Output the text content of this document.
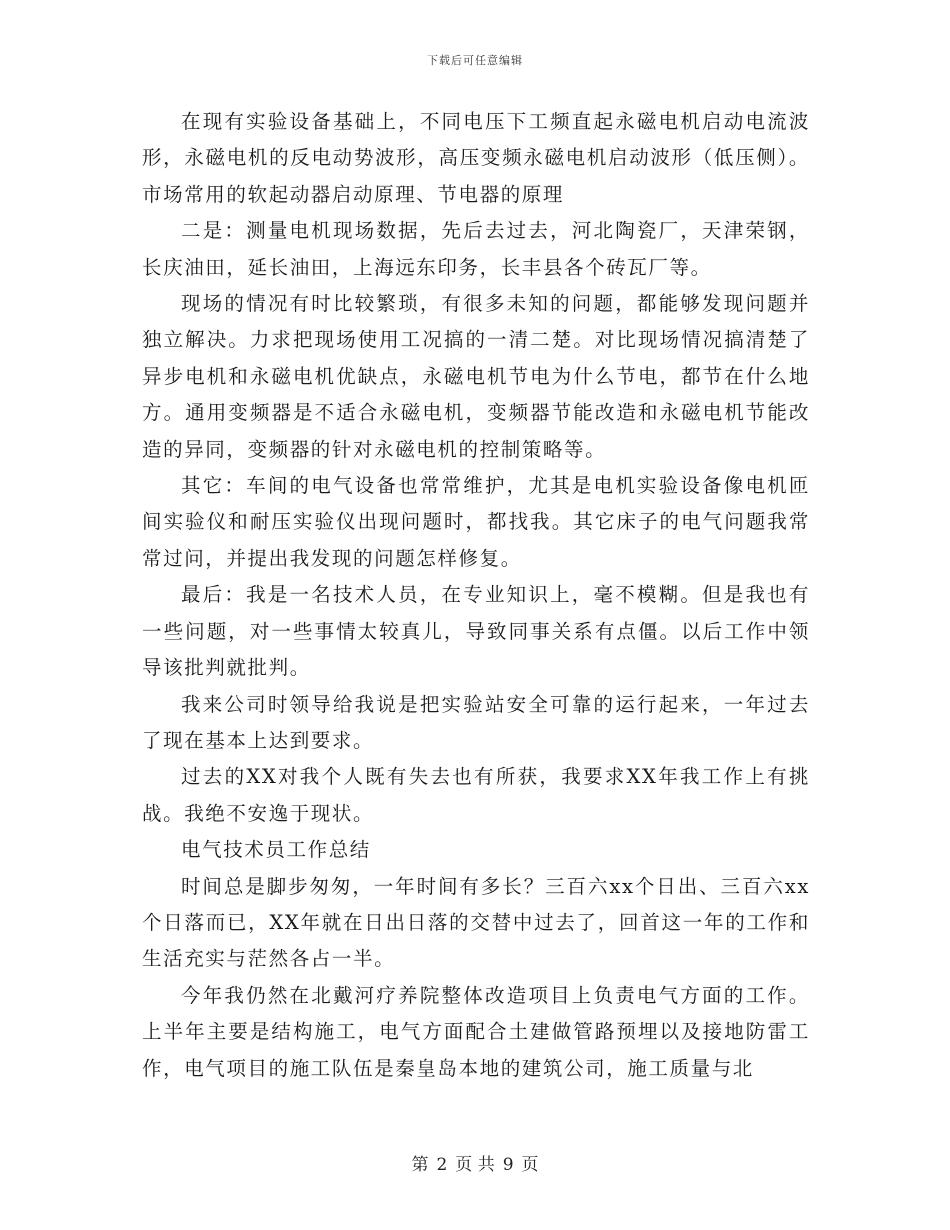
下载后可任意编辑

在现有实验设备基础上，不同电压下工频直起永磁电机启动电流波形，永磁电机的反电动势波形，高压变频永磁电机启动波形（低压侧）。市场常用的软起动器启动原理、节电器的原理

二是：测量电机现场数据，先后去过去，河北陶瓷厂，天津荣钢，长庆油田，延长油田，上海远东印务，长丰县各个砖瓦厂等。

现场的情况有时比较繁琐，有很多未知的问题，都能够发现问题并独立解决。力求把现场使用工况搞的一清二楚。对比现场情况搞清楚了异步电机和永磁电机优缺点，永磁电机节电为什么节电，都节在什么地方。通用变频器是不适合永磁电机，变频器节能改造和永磁电机节能改造的异同，变频器的针对永磁电机的控制策略等。

其它：车间的电气设备也常常维护，尤其是电机实验设备像电机匝间实验仪和耐压实验仪出现问题时，都找我。其它床子的电气问题我常常过问，并提出我发现的问题怎样修复。

最后：我是一名技术人员，在专业知识上，毫不模糊。但是我也有一些问题，对一些事情太较真儿，导致同事关系有点僵。以后工作中领导该批判就批判。

我来公司时领导给我说是把实验站安全可靠的运行起来，一年过去了现在基本上达到要求。

过去的XX对我个人既有失去也有所获，我要求XX年我工作上有挑战。我绝不安逸于现状。

电气技术员工作总结

时间总是脚步匆匆，一年时间有多长？三百六xx个日出、三百六xx个日落而已，XX年就在日出日落的交替中过去了，回首这一年的工作和生活充实与茫然各占一半。

今年我仍然在北戴河疗养院整体改造项目上负责电气方面的工作。上半年主要是结构施工，电气方面配合土建做管路预埋以及接地防雷工作，电气项目的施工队伍是秦皇岛本地的建筑公司，施工质量与北

第 2 页 共 9 页
